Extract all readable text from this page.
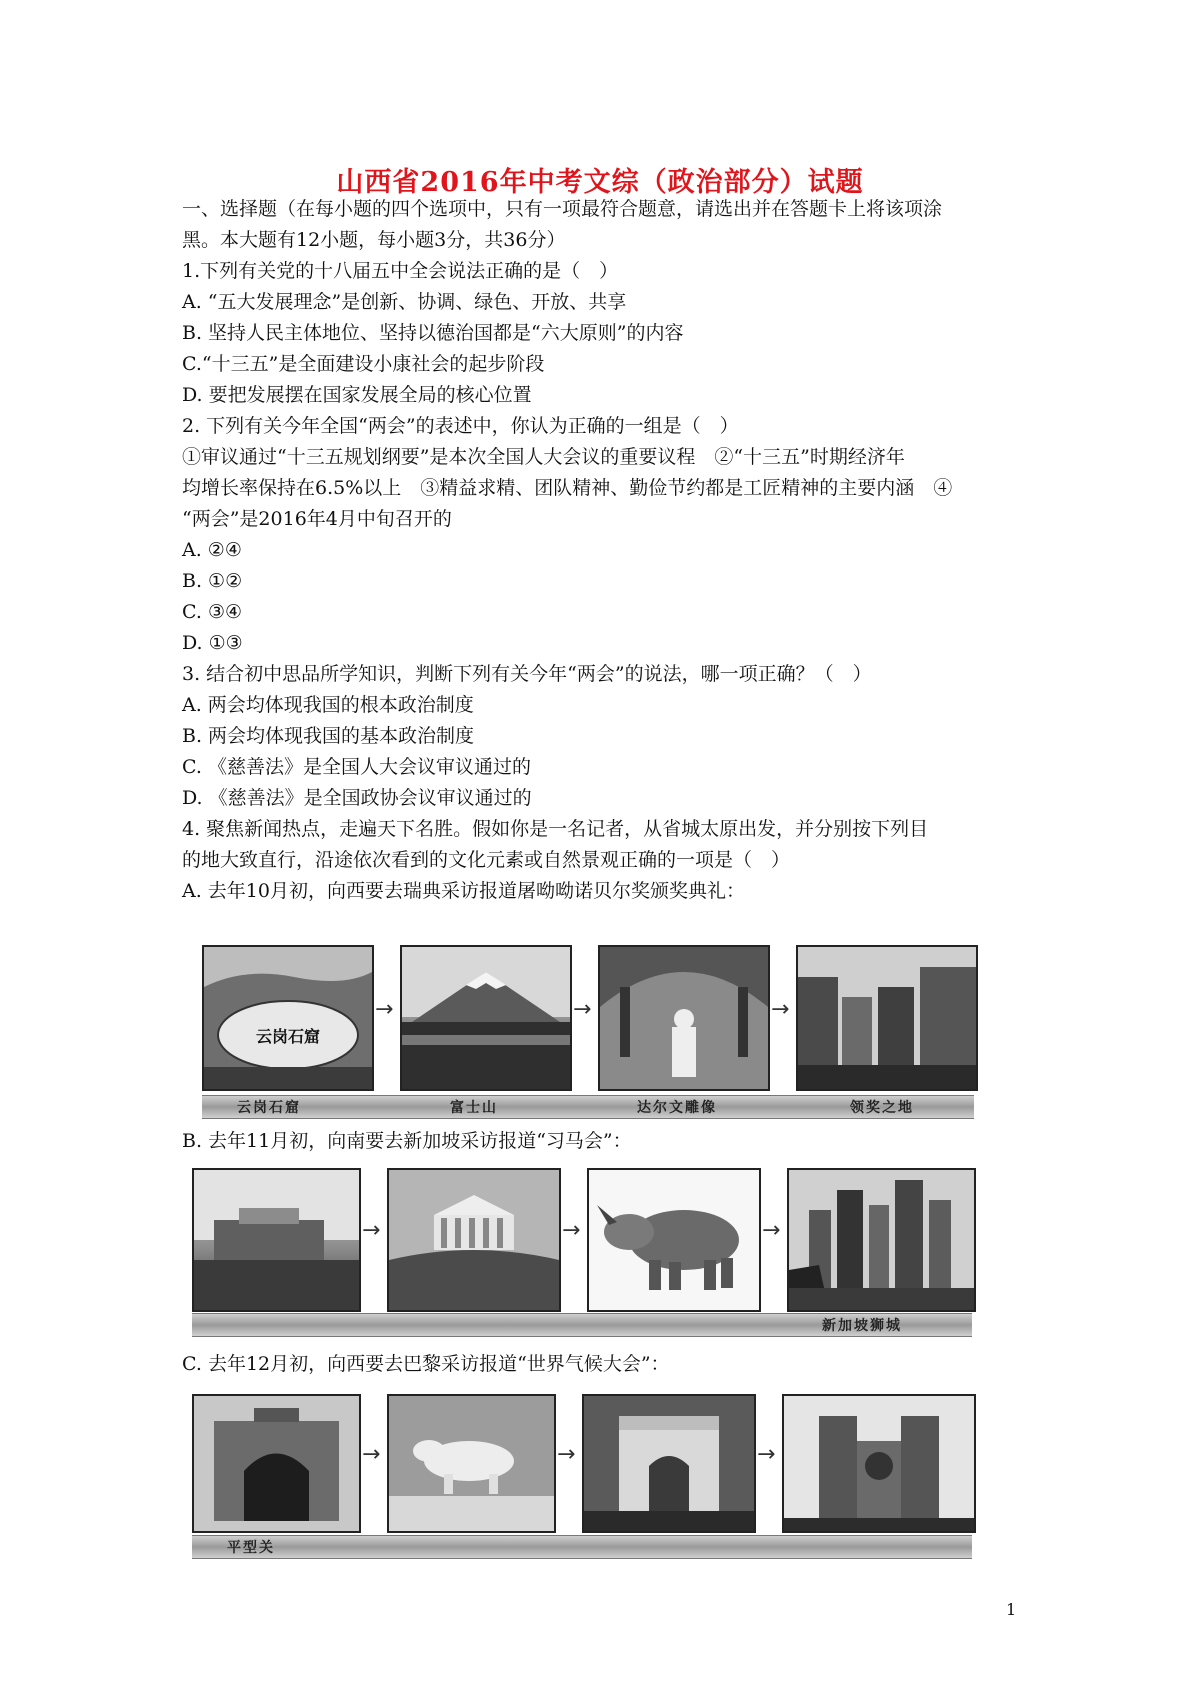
山西省2016年中考文综（政治部分）试题

一、选择题（在每小题的四个选项中，只有一项最符合题意，请选出并在答题卡上将该项涂

黑。本大题有12小题，每小题3分，共36分）

1.下列有关党的十八届五中全会说法正确的是（　）

A. “五大发展理念”是创新、协调、绿色、开放、共享

B. 坚持人民主体地位、坚持以德治国都是“六大原则”的内容

C.“十三五”是全面建设小康社会的起步阶段

D. 要把发展摆在国家发展全局的核心位置

2. 下列有关今年全国“两会”的表述中，你认为正确的一组是（　）

①审议通过“十三五规划纲要”是本次全国人大会议的重要议程　②“十三五”时期经济年

均增长率保持在6.5%以上　③精益求精、团队精神、勤俭节约都是工匠精神的主要内涵　④

“两会”是2016年4月中旬召开的

A. ②④

B. ①②

C. ③④

D. ①③

3. 结合初中思品所学知识，判断下列有关今年“两会”的说法，哪一项正确？（　）

A. 两会均体现我国的根本政治制度

B. 两会均体现我国的基本政治制度

C. 《慈善法》是全国人大会议审议通过的

D. 《慈善法》是全国政协会议审议通过的

4. 聚焦新闻热点，走遍天下名胜。假如你是一名记者，从省城太原出发，并分别按下列目

的地大致直行，沿途依次看到的文化元素或自然景观正确的一项是（　）

A. 去年10月初，向西要去瑞典采访报道屠呦呦诺贝尔奖颁奖典礼：

云岗石窟
→	→	→
云岗石窟	富士山	达尔文雕像	领奖之地

B. 去年11月初，向南要去新加坡采访报道“习马会”：

→	→	→
新加坡狮城

C. 去年12月初，向西要去巴黎采访报道“世界气候大会”：

→	→	→
平型关
1
